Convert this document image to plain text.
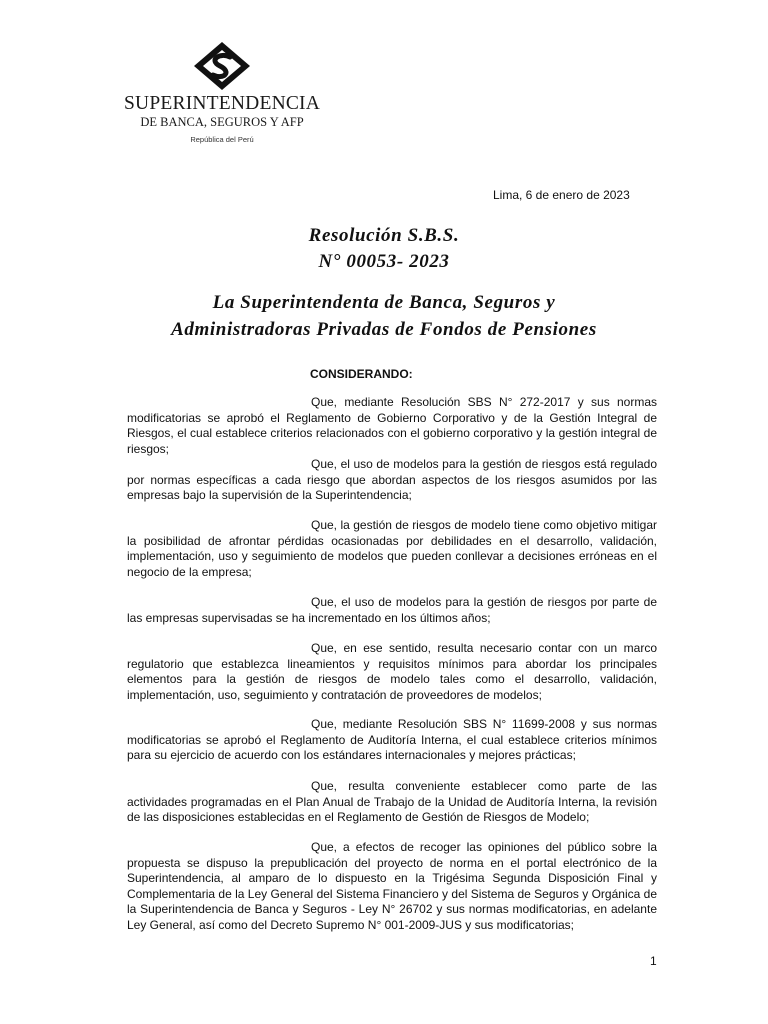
SUPERINTENDENCIA
DE BANCA, SEGUROS Y AFP
República del Perú
Lima, 6 de enero de 2023
Resolución S.B.S.
N° 00053- 2023
La Superintendenta de Banca, Seguros y
Administradoras Privadas de Fondos de Pensiones
CONSIDERANDO:

Que, mediante Resolución SBS N° 272-2017 y sus normas modificatorias se aprobó el Reglamento de Gobierno Corporativo y de la Gestión Integral de Riesgos, el cual establece criterios relacionados con el gobierno corporativo y la gestión integral de riesgos;

Que, el uso de modelos para la gestión de riesgos está regulado por normas específicas a cada riesgo que abordan aspectos de los riesgos asumidos por las empresas bajo la supervisión de la Superintendencia;

Que, la gestión de riesgos de modelo tiene como objetivo mitigar la posibilidad de afrontar pérdidas ocasionadas por debilidades en el desarrollo, validación, implementación, uso y seguimiento de modelos que pueden conllevar a decisiones erróneas en el negocio de la empresa;

Que, el uso de modelos para la gestión de riesgos por parte de las empresas supervisadas se ha incrementado en los últimos años;

Que, en ese sentido, resulta necesario contar con un marco regulatorio que establezca lineamientos y requisitos mínimos para abordar los principales elementos para la gestión de riesgos de modelo tales como el desarrollo, validación, implementación, uso, seguimiento y contratación de proveedores de modelos;

Que, mediante Resolución SBS N° 11699-2008 y sus normas modificatorias se aprobó el Reglamento de Auditoría Interna, el cual establece criterios mínimos para su ejercicio de acuerdo con los estándares internacionales y mejores prácticas;

Que, resulta conveniente establecer como parte de las actividades programadas en el Plan Anual de Trabajo de la Unidad de Auditoría Interna, la revisión de las disposiciones establecidas en el Reglamento de Gestión de Riesgos de Modelo;

Que, a efectos de recoger las opiniones del público sobre la propuesta se dispuso la prepublicación del proyecto de norma en el portal electrónico de la Superintendencia, al amparo de lo dispuesto en la Trigésima Segunda Disposición Final y Complementaria de la Ley General del Sistema Financiero y del Sistema de Seguros y Orgánica de la Superintendencia de Banca y Seguros - Ley N° 26702 y sus normas modificatorias, en adelante Ley General, así como del Decreto Supremo N° 001-2009-JUS y sus modificatorias;

1
